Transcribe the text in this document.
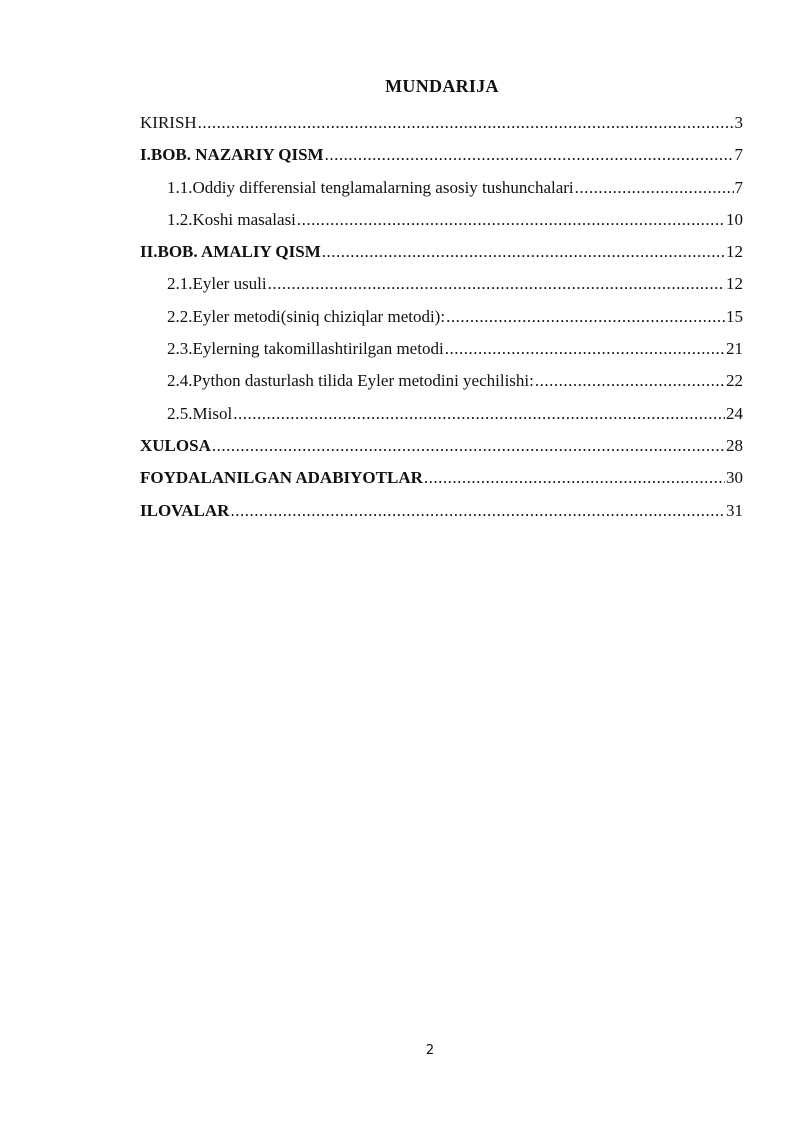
MUNDARIJA
KIRISH .....	3
I.BOB. NAZARIY QISM .....	7
1.1.Oddiy differensial tenglamalarning asosiy tushunchalari .....	7
1.2.Koshi masalasi .....	10
II.BOB. AMALIY QISM .....	12
2.1.Eyler usuli .....	12
2.2.Eyler metodi(siniq chiziqlar metodi): .....	15
2.3.Eylerning takomillashtirilgan metodi .....	21
2.4.Python dasturlash tilida Eyler metodini yechilishi: .....	22
2.5.Misol .....	24
XULOSA .....	28
FOYDALANILGAN ADABIYOTLAR .....	30
ILOVALAR .....	31
2
